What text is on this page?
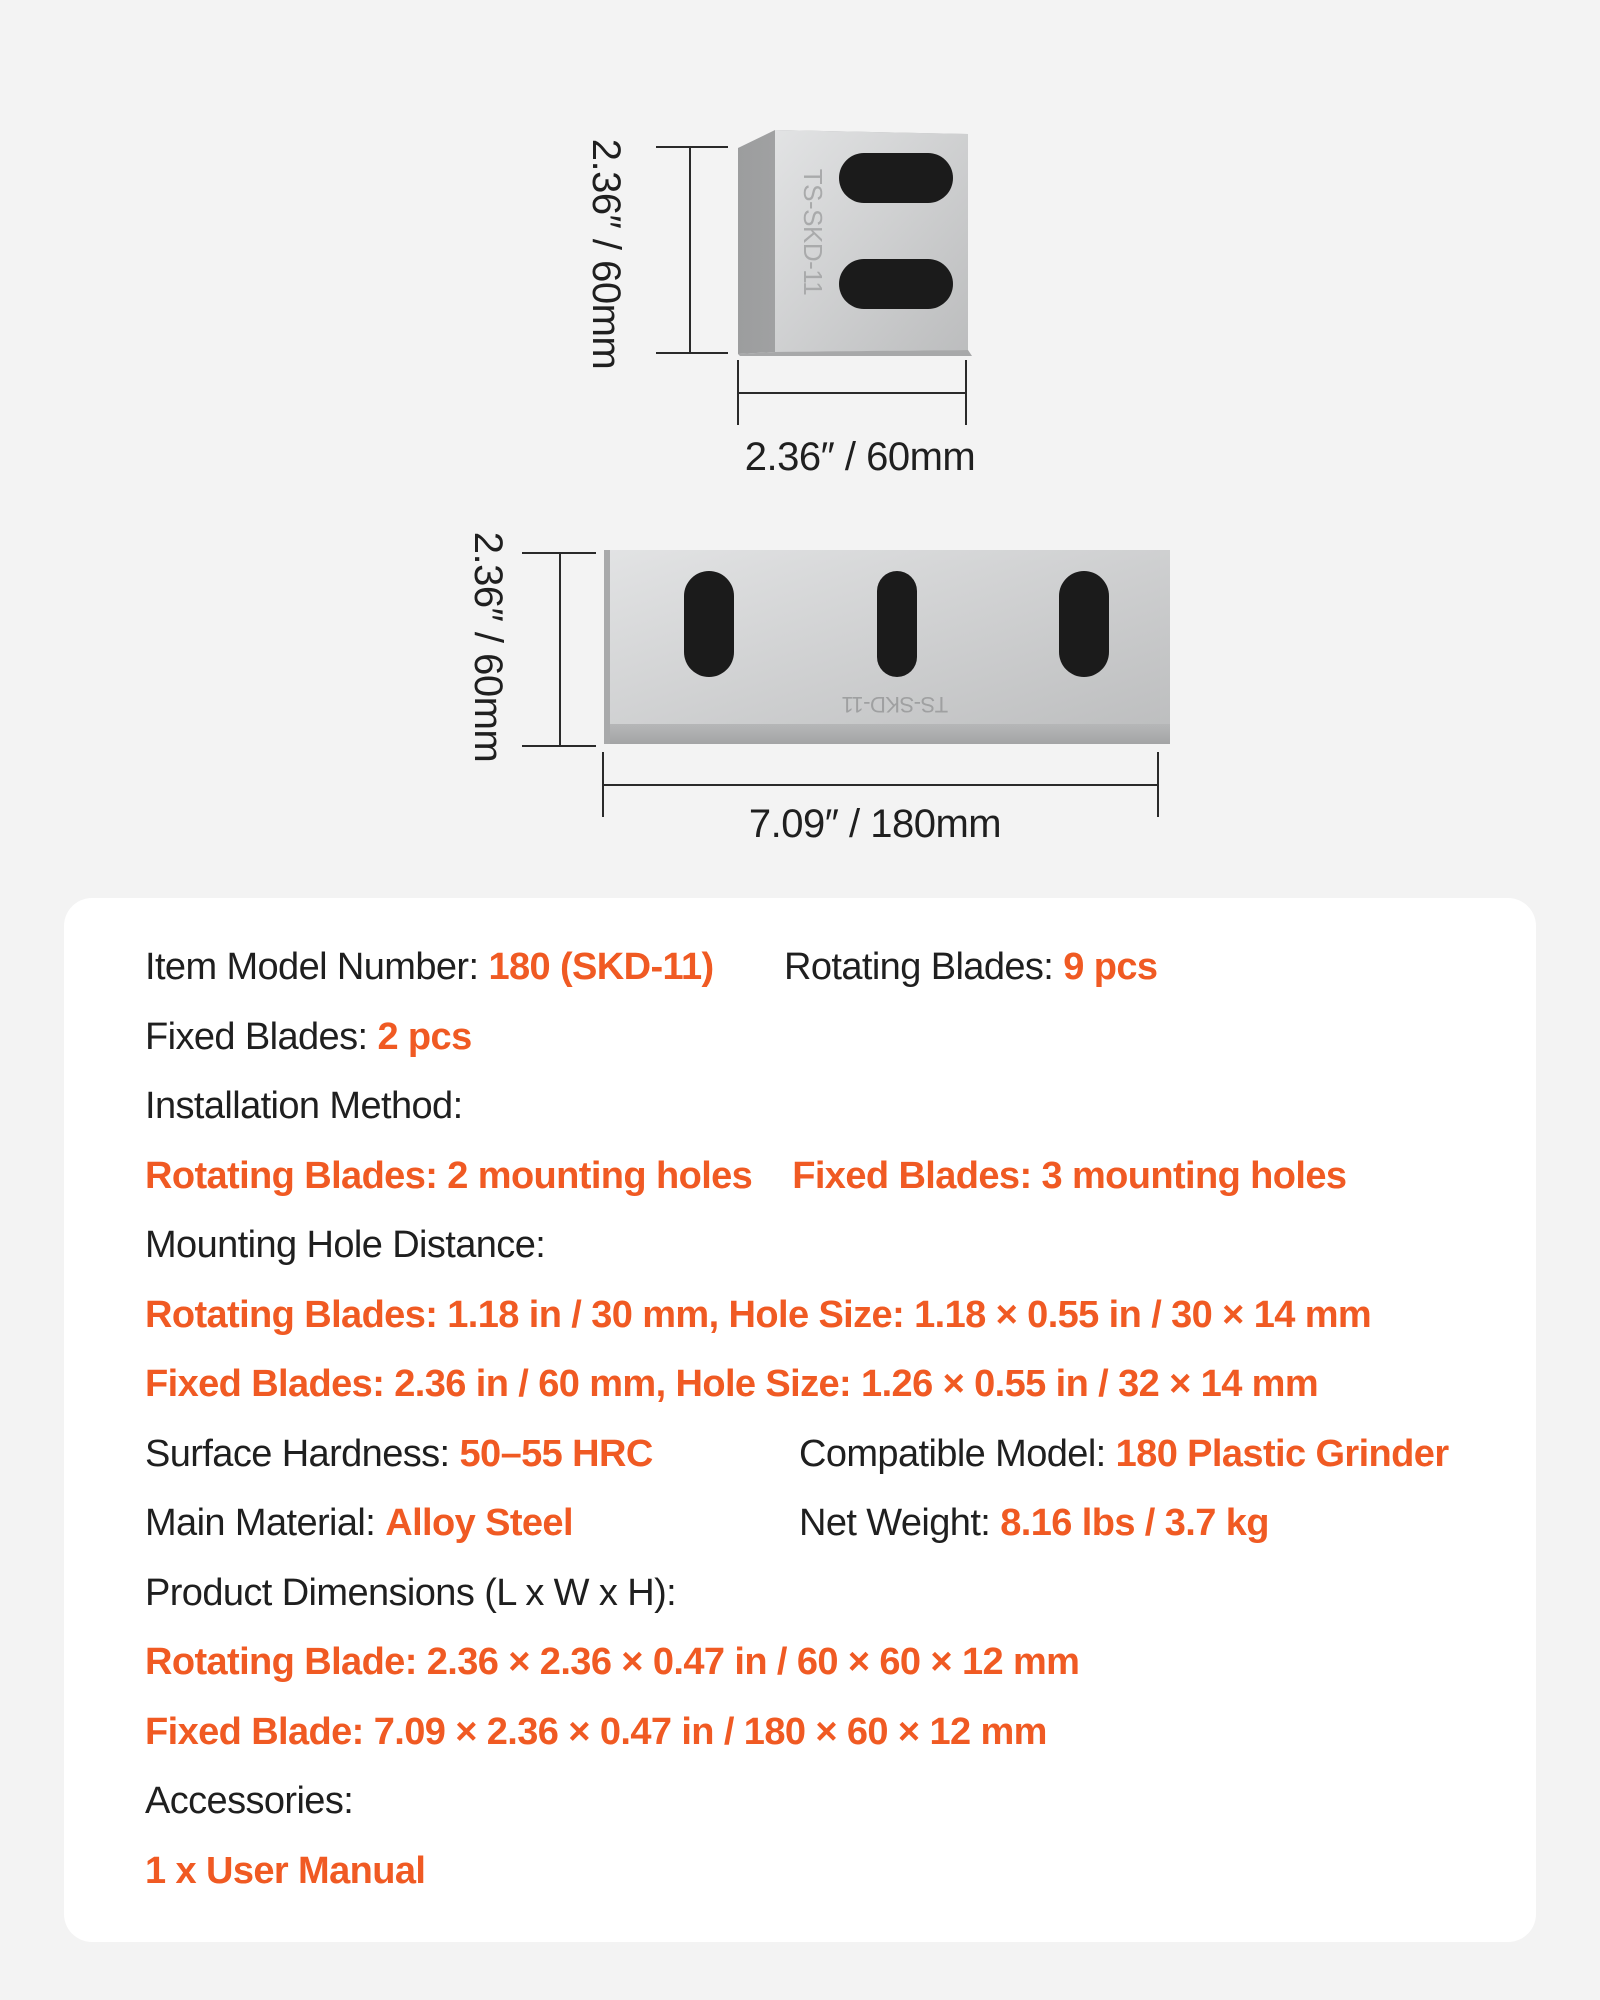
TS-SKD-11
TS-SKD-11
2.36″ / 60mm
2.36″ / 60mm
2.36″ / 60mm
7.09″ / 180mm
Item Model Number: 180 (SKD-11) Rotating Blades: 9 pcs
Fixed Blades: 2 pcs
Installation Method:
Rotating Blades: 2 mounting holes Fixed Blades: 3 mounting holes
Mounting Hole Distance:
Rotating Blades: 1.18 in / 30 mm, Hole Size: 1.18 × 0.55 in / 30 × 14 mm
Fixed Blades: 2.36 in / 60 mm, Hole Size: 1.26 × 0.55 in / 32 × 14 mm
Surface Hardness: 50–55 HRC	Compatible Model: 180 Plastic Grinder
Main Material: Alloy Steel	Net Weight: 8.16 lbs / 3.7 kg
Product Dimensions (L x W x H):
Rotating Blade: 2.36 × 2.36 × 0.47 in / 60 × 60 × 12 mm
Fixed Blade: 7.09 × 2.36 × 0.47 in / 180 × 60 × 12 mm
Accessories:
1 x User Manual
